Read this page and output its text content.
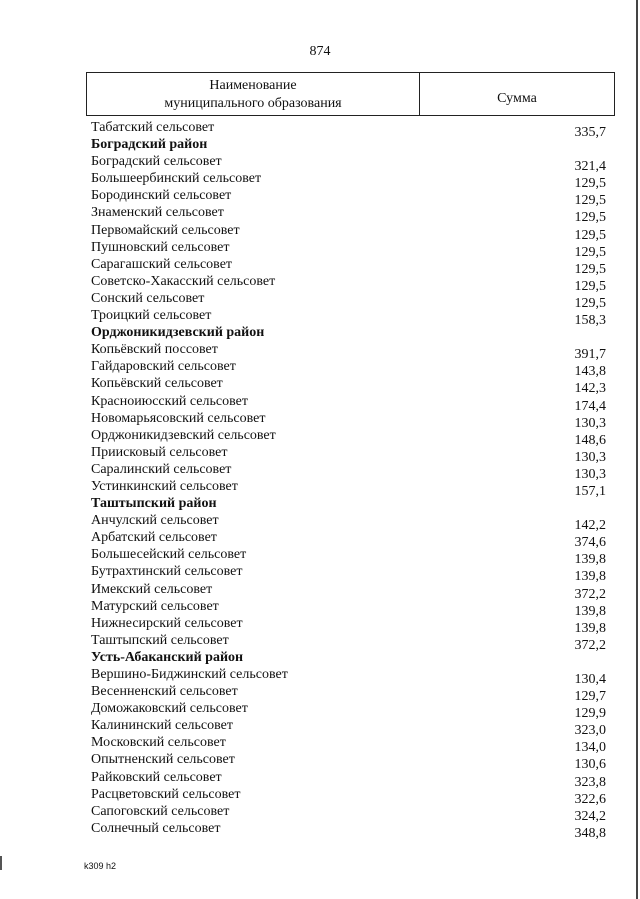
874
Наименование
муниципального образования	Сумма
Табатский сельсовет	335,7
Боградский район
Боградский сельсовет	321,4
Большеербинский сельсовет	129,5
Бородинский сельсовет	129,5
Знаменский сельсовет	129,5
Первомайский сельсовет	129,5
Пушновский сельсовет	129,5
Сарагашский сельсовет	129,5
Советско-Хакасский сельсовет	129,5
Сонский сельсовет	129,5
Троицкий сельсовет	158,3
Орджоникидзевский район
Копьёвский поссовет	391,7
Гайдаровский сельсовет	143,8
Копьёвский сельсовет	142,3
Красноиюсский сельсовет	174,4
Новомарьясовский сельсовет	130,3
Орджоникидзевский сельсовет	148,6
Приисковый сельсовет	130,3
Саралинский сельсовет	130,3
Устинкинский сельсовет	157,1
Таштыпский район
Анчулский сельсовет	142,2
Арбатский сельсовет	374,6
Большесейский сельсовет	139,8
Бутрахтинский сельсовет	139,8
Имекский сельсовет	372,2
Матурский сельсовет	139,8
Нижнесирский сельсовет	139,8
Таштыпский сельсовет	372,2
Усть-Абаканский район
Вершино-Биджинский сельсовет	130,4
Весенненский сельсовет	129,7
Доможаковский сельсовет	129,9
Калининский сельсовет	323,0
Московский сельсовет	134,0
Опытненский сельсовет	130,6
Райковский сельсовет	323,8
Расцветовский сельсовет	322,6
Сапоговский сельсовет	324,2
Солнечный сельсовет	348,8
k309 h2
